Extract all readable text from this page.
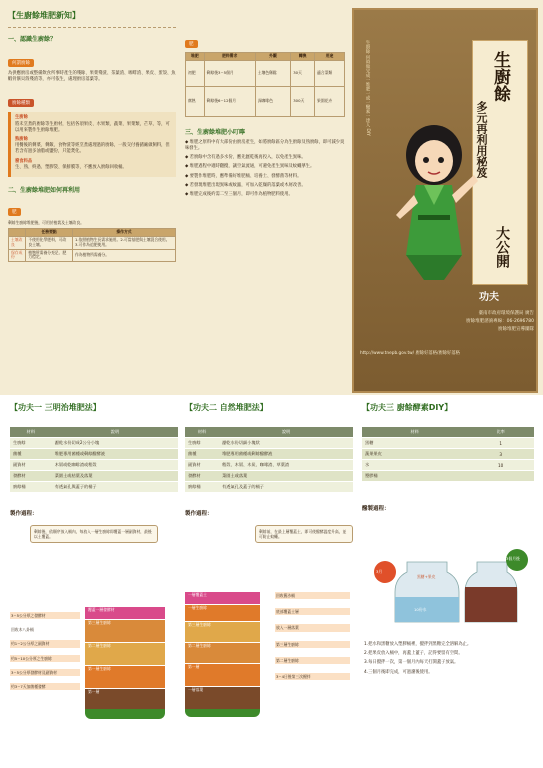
【生廚餘堆肥新知】
一、認識生廚餘？
何謂廚餘
為供應廚房或整備飲食所事時產生的殘餘、果菜殘渣、茶葉渣、咖啡渣、果皮、蛋殼、魚蝦骨骸貝殼殘渣等，亦可依生，處理廚房落葉等。
廚餘種類
生廚餘
將未烹煮的廚餘等生廚材，包括各項果皮、水果類，蔬菜、果菜類，芒草，等，可以用來製作生廚餘堆肥。
熟廚餘
用餐後的剩菜、剩飯、食物渣等經烹煮處理過的廚餘，一般交付養豬廠做飼料，但若含有過多油脂或鹽份，只能焚化。
廢食料品
生、熟、終過、塑膠袋、保鮮膜等，不應放入廚餘回收桶。
二、生廚餘堆肥如何再利用
肥
剩餘生廚餘堆肥後，可用於植栽及土壤改良。
	任務要點	操作方式
土壤改良	不使用化學肥料，可改良土壤。	1.依照植物生長需求施用。2.可當基肥與土壤混合使用。3.可作為追肥使用。
保存成份	植物所需養分充足、肥力穩定。	作為植物所需養分。
肥
堆肥	肥料需求	外觀	轉換	用途
初肥	剩餘後3~5個月	土壤色稀鬆	30天	適合菜類
腐熟	剩餘後6~12個月	深咖啡色	300天	果園花卉
三、生廚餘堆肥小叮嚀
◆ 堆肥之原料中有大部份由廚房產生，如將廚餘區分為生廚餘及熟廚餘，即可減少臭味發生。
◆ 若廚餘中含有過多水份，應先瀝乾後再投入，以免產生異味。
◆ 堆肥過程中適時翻攪，讓空氣流通，可避免產生異味及蚊蠅孳生。
◆ 要製作堆肥時，應準備好堆肥桶、培養土、發酵菌等材料。
◆ 若發現堆肥出現異味或蚊蟲，可加入乾燥的落葉或木屑改善。
◆ 堆肥完成後約需二至三個月，即可作為植物肥料使用。
生廚餘 何時做完成一堆肥一或一醱素一達人 DIY	生廚餘
多元再利用秘笈
大公開
功夫
臺南市政府環境保護局 廣告
廚餘堆肥諮詢專線：06-2696780
廚餘堆肥宣導團隊
http://www.tnepb.gov.tw/ 廚餘好落格/廚餘好落格
【功夫一 三明治堆肥法】
材料	說明
生廚餘	瀝乾水份切成2公分小塊
菌種	堆肥專用菌種或剩餘醱酵液
副資材	木屑或乾咖啡渣或稻殼
發酵材	菜園土或枯葉及落葉
廚餘桶	有透氣孔與蓋子的桶子
製作過程：
剩餘後，依順序放入桶內，每放入一層生廚餘即覆蓋一層副資材，最後以土覆蓋。
覆蓋一層發酵材
第三層生廚餘
第二層生廚餘
第一層生廚餘
第一層
3~5公分厚之發酵材
回收木八卦桶
約1~2公分厚之副資材
約5~10公分厚之生廚餘
3~5公分厚發酵材及副資材
約3~7天加菌種發酵
【功夫二 自然堆肥法】
材料	說明
生廚餘	瀝乾水份切細小塊狀
菌種	堆肥專用菌種或剩餘醱酵液
副資材	稻殼、木屑、木炭、咖啡渣、草葉渣
發酵材	菜園土或落葉
廚餘桶	有透氣孔及蓋子的桶子
製作過程：
剩餘前，在最上層覆蓋土，即可使醱酵溫度升高，並可防止蚊蠅。
一層覆蓋土
一層生廚餘
第三層生廚餘
第二層生廚餘
第一層
一層落葉
回收舊沙桶
底部覆蓋土層
放入一層落葉
第三層生廚餘
第二層生廚餘
3~4日後第三次攪拌
【功夫三 廚餘酵素DIY】
材料	比率
黑糖	1
蔬果果皮	3
水	10
塑膠桶	
醱製過程：
3月
黑糖+果皮
10份水
3個月後
1.把水和黑糖放入塑膠桶裡，攪拌到黑糖完全溶解為止。
2.把果皮放入桶中，再蓋上蓋子，記得要留有空間。
3.每日攪拌一次，第一個月內每天打開蓋子放氣。
4.三個月後即完成，可過濾後使用。
